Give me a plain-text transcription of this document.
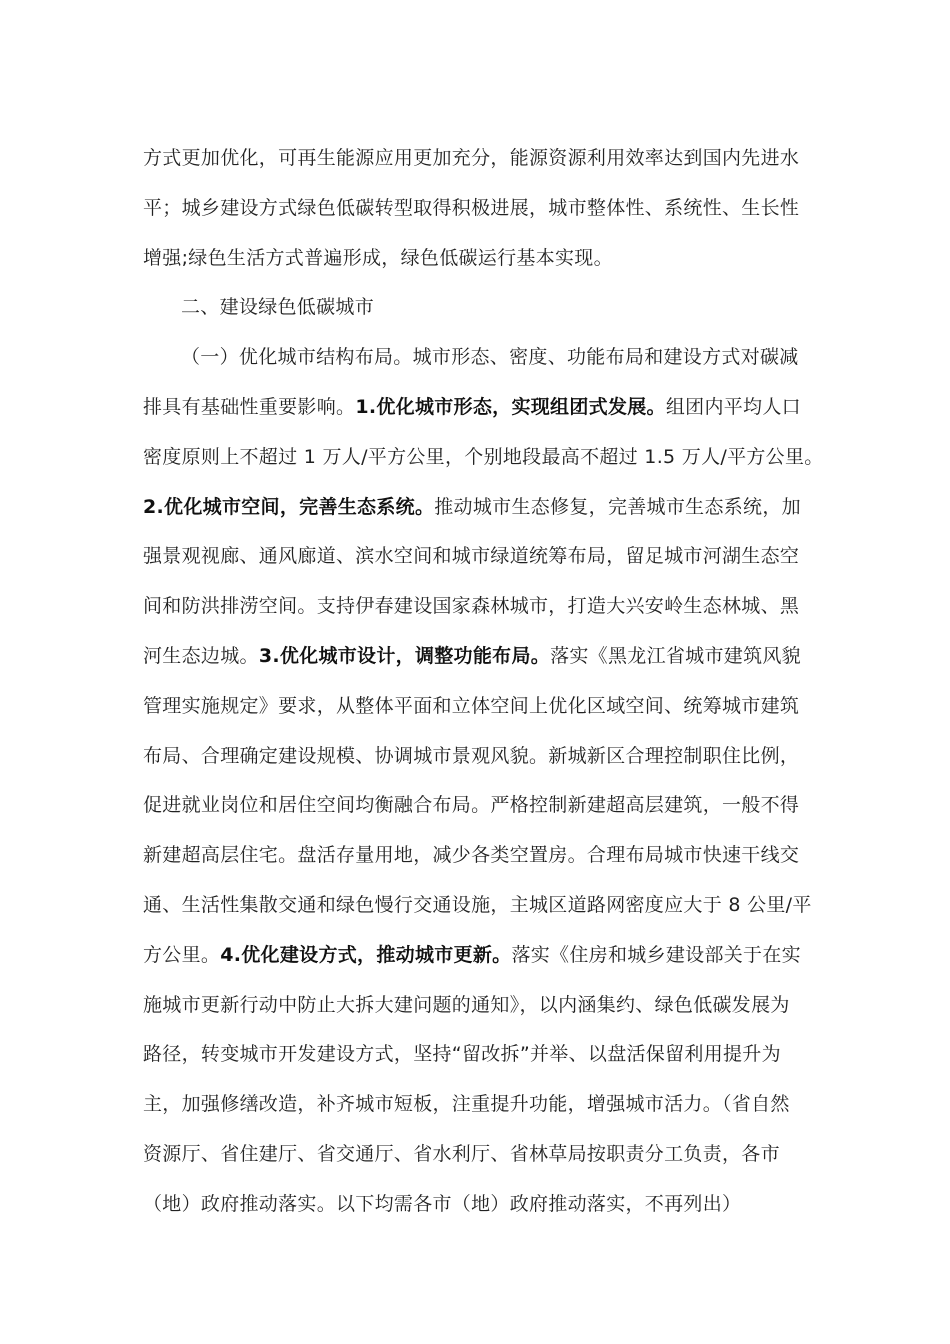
方式更加优化，可再生能源应用更加充分，能源资源利用效率达到国内先进水
平；城乡建设方式绿色低碳转型取得积极进展，城市整体性、系统性、生长性
增强;绿色生活方式普遍形成，绿色低碳运行基本实现。
二、建设绿色低碳城市
（一）优化城市结构布局。城市形态、密度、功能布局和建设方式对碳减
排具有基础性重要影响。1.优化城市形态，实现组团式发展。组团内平均人口
密度原则上不超过 1 万人/平方公里，个别地段最高不超过 1.5 万人/平方公里。
2.优化城市空间，完善生态系统。推动城市生态修复，完善城市生态系统，加
强景观视廊、通风廊道、滨水空间和城市绿道统筹布局，留足城市河湖生态空
间和防洪排涝空间。支持伊春建设国家森林城市，打造大兴安岭生态林城、黑
河生态边城。3.优化城市设计，调整功能布局。落实《黑龙江省城市建筑风貌
管理实施规定》要求，从整体平面和立体空间上优化区域空间、统筹城市建筑
布局、合理确定建设规模、协调城市景观风貌。新城新区合理控制职住比例，
促进就业岗位和居住空间均衡融合布局。严格控制新建超高层建筑，一般不得
新建超高层住宅。盘活存量用地，减少各类空置房。合理布局城市快速干线交
通、生活性集散交通和绿色慢行交通设施，主城区道路网密度应大于 8 公里/平
方公里。4.优化建设方式，推动城市更新。落实《住房和城乡建设部关于在实
施城市更新行动中防止大拆大建问题的通知》，以内涵集约、绿色低碳发展为
路径，转变城市开发建设方式，坚持“留改拆”并举、以盘活保留利用提升为
主，加强修缮改造，补齐城市短板，注重提升功能，增强城市活力。（省自然
资源厅、省住建厅、省交通厅、省水利厅、省林草局按职责分工负责，各市
（地）政府推动落实。以下均需各市（地）政府推动落实，不再列出）
